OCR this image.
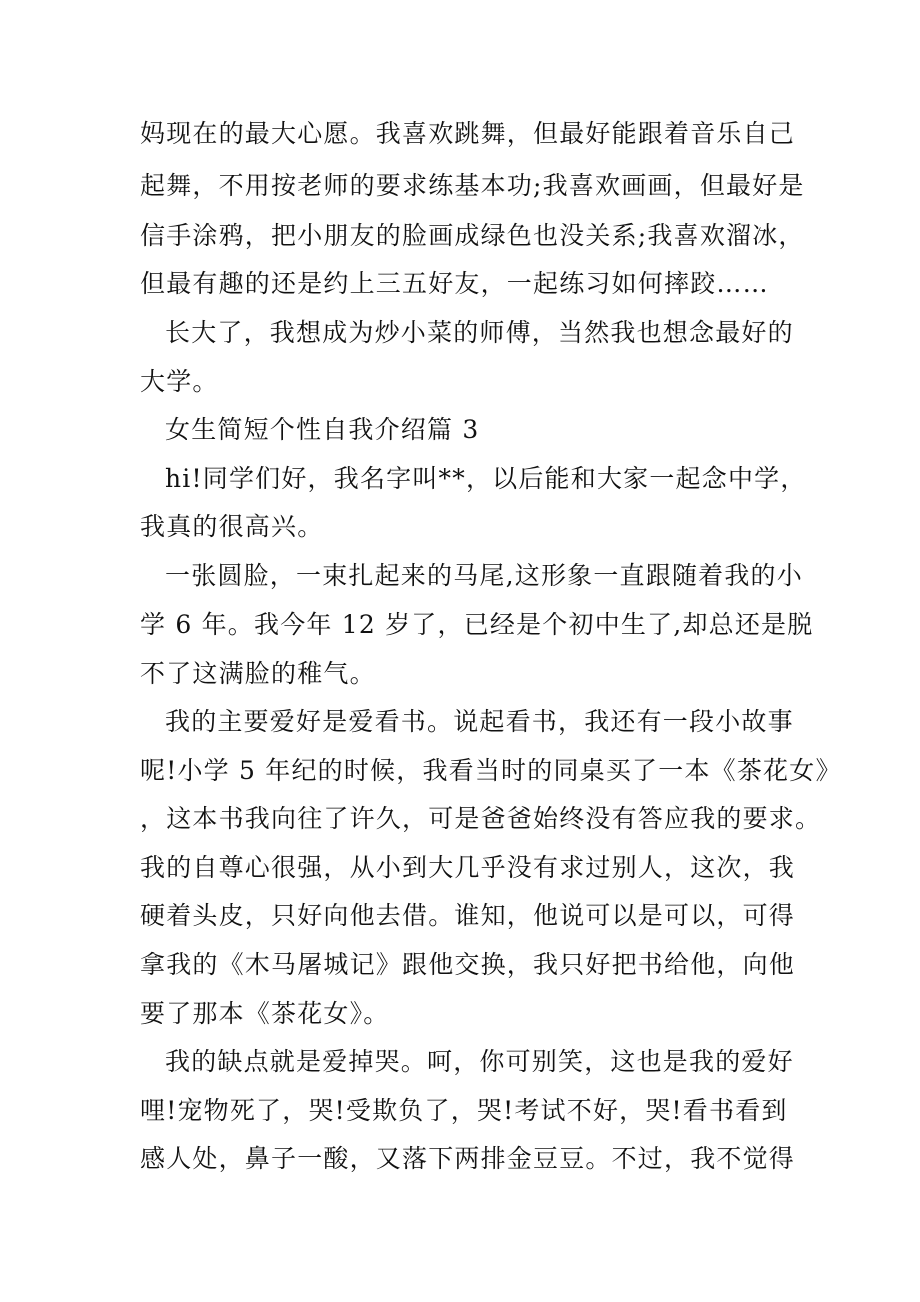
妈现在的最大心愿。我喜欢跳舞，但最好能跟着音乐自己
起舞，不用按老师的要求练基本功;我喜欢画画，但最好是
信手涂鸦，把小朋友的脸画成绿色也没关系;我喜欢溜冰，
但最有趣的还是约上三五好友，一起练习如何摔跤……
长大了，我想成为炒小菜的师傅，当然我也想念最好的
大学。
女生简短个性自我介绍篇 3
hi!同学们好，我名字叫**，以后能和大家一起念中学，
我真的很高兴。
一张圆脸，一束扎起来的马尾,这形象一直跟随着我的小
学 6 年。我今年 12 岁了，已经是个初中生了,却总还是脱
不了这满脸的稚气。
我的主要爱好是爱看书。说起看书，我还有一段小故事
呢!小学 5 年纪的时候，我看当时的同桌买了一本《茶花女》
，这本书我向往了许久，可是爸爸始终没有答应我的要求。
我的自尊心很强，从小到大几乎没有求过别人，这次，我
硬着头皮，只好向他去借。谁知，他说可以是可以，可得
拿我的《木马屠城记》跟他交换，我只好把书给他，向他
要了那本《茶花女》。
我的缺点就是爱掉哭。呵，你可别笑，这也是我的爱好
哩!宠物死了，哭!受欺负了，哭!考试不好，哭!看书看到
感人处，鼻子一酸，又落下两排金豆豆。不过，我不觉得
